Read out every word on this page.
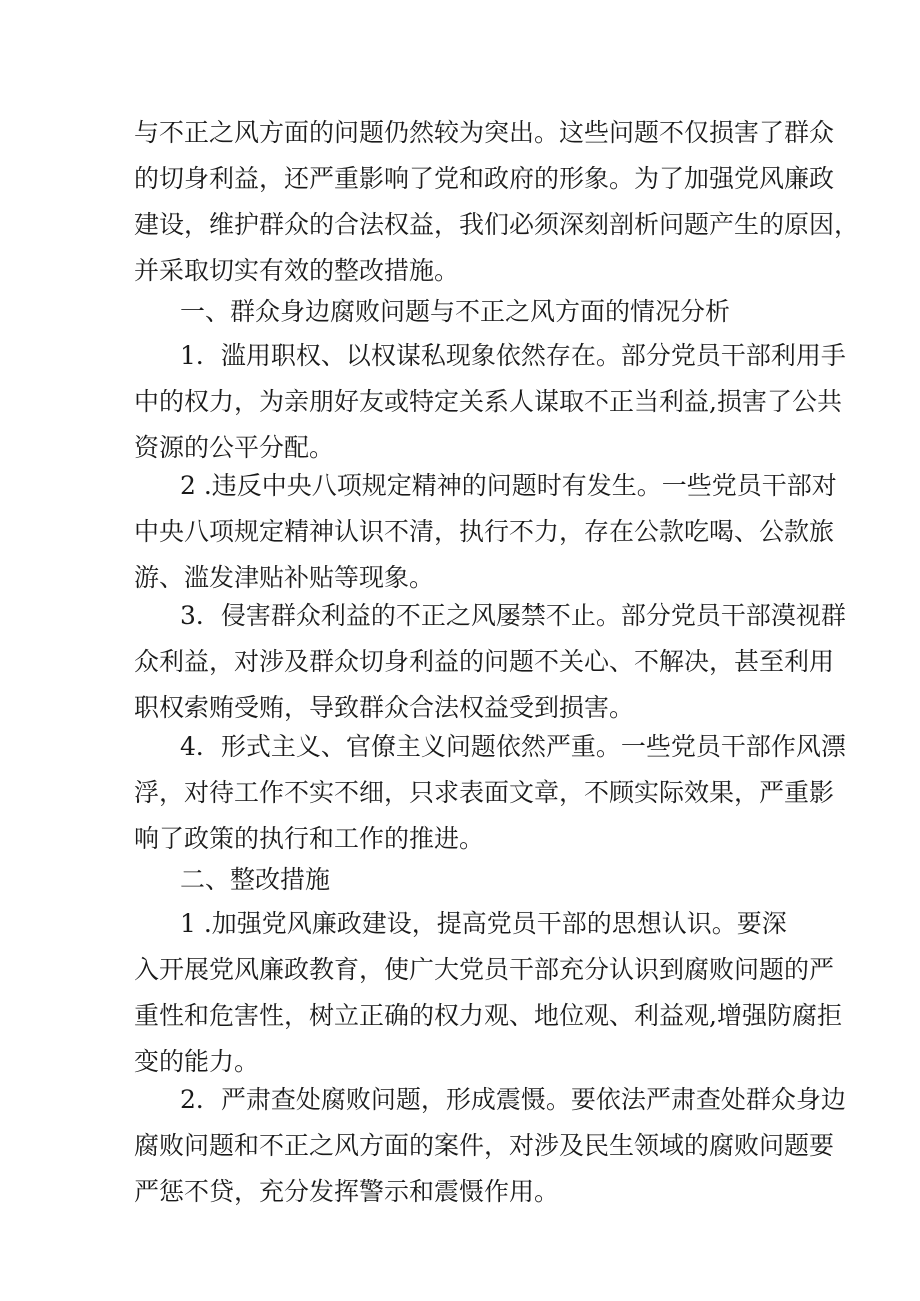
与不正之风方面的问题仍然较为突出。这些问题不仅损害了群众
的切身利益，还严重影响了党和政府的形象。为了加强党风廉政
建设，维护群众的合法权益，我们必须深刻剖析问题产生的原因，
并采取切实有效的整改措施。
一、群众身边腐败问题与不正之风方面的情况分析
1．滥用职权、以权谋私现象依然存在。部分党员干部利用手
中的权力，为亲朋好友或特定关系人谋取不正当利益,损害了公共
资源的公平分配。
2 .违反中央八项规定精神的问题时有发生。一些党员干部对
中央八项规定精神认识不清，执行不力，存在公款吃喝、公款旅
游、滥发津贴补贴等现象。
3．侵害群众利益的不正之风屡禁不止。部分党员干部漠视群
众利益，对涉及群众切身利益的问题不关心、不解决，甚至利用
职权索贿受贿，导致群众合法权益受到损害。
4．形式主义、官僚主义问题依然严重。一些党员干部作风漂
浮，对待工作不实不细，只求表面文章，不顾实际效果，严重影
响了政策的执行和工作的推进。
二、整改措施
1 .加强党风廉政建设，提高党员干部的思想认识。要深
入开展党风廉政教育，使广大党员干部充分认识到腐败问题的严
重性和危害性，树立正确的权力观、地位观、利益观,增强防腐拒
变的能力。
2．严肃查处腐败问题，形成震慑。要依法严肃查处群众身边
腐败问题和不正之风方面的案件，对涉及民生领域的腐败问题要
严惩不贷，充分发挥警示和震慑作用。
